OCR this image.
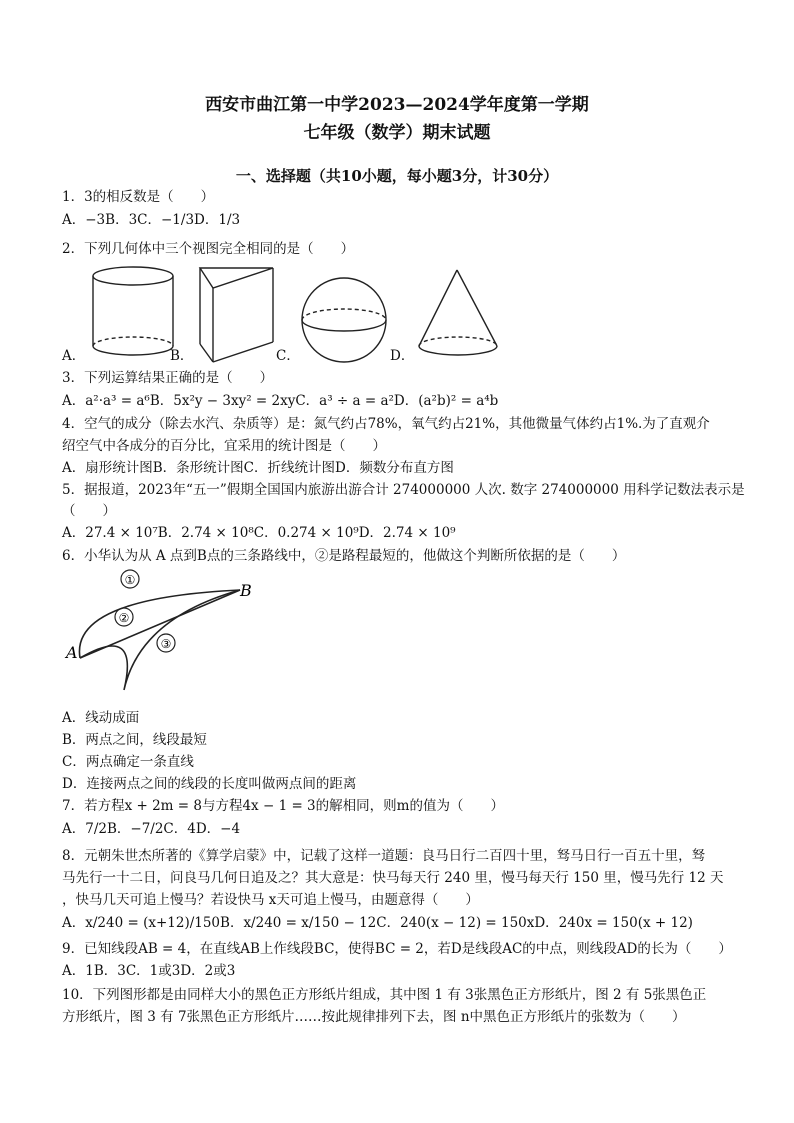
西安市曲江第一中学2023—2024学年度第一学期
七年级（数学）期末试题
一、选择题（共10小题，每小题3分，计30分）
1．3的相反数是（　　）
A．−3B．3C．−1/3D．1/3
2．下列几何体中三个视图完全相同的是（　　）
A．	B．	C．	D．
3．下列运算结果正确的是（　　）
A．a²·a³ = a⁶B．5x²y − 3xy² = 2xyC．a³ ÷ a = a²D．(a²b)² = a⁴b
4．空气的成分（除去水汽、杂质等）是：氮气约占78%，氧气约占21%，其他微量气体约占1%.为了直观介
绍空气中各成分的百分比，宜采用的统计图是（　　）
A．扇形统计图B．条形统计图C．折线统计图D．频数分布直方图
5．据报道，2023年“五一”假期全国国内旅游出游合计 274000000 人次. 数字 274000000 用科学记数法表示是
（　　）
A．27.4 × 10⁷B．2.74 × 10⁸C．0.274 × 10⁹D．2.74 × 10⁹
6．小华认为从 A 点到B点的三条路线中，②是路程最短的，他做这个判断所依据的是（　　）
①
②
③
A
B
A．线动成面
B．两点之间，线段最短
C．两点确定一条直线
D．连接两点之间的线段的长度叫做两点间的距离
7．若方程x + 2m = 8与方程4x − 1 = 3的解相同，则m的值为（　　）
A．7/2B．−7/2C．4D．−4
8．元朝朱世杰所著的《算学启蒙》中，记载了这样一道题：良马日行二百四十里，驽马日行一百五十里，驽
马先行一十二日，问良马几何日追及之？其大意是：快马每天行 240 里，慢马每天行 150 里，慢马先行 12 天
，快马几天可追上慢马？若设快马 x天可追上慢马，由题意得（　　）
A．x/240 = (x+12)/150B．x/240 = x/150 − 12C．240(x − 12) = 150xD．240x = 150(x + 12)
9．已知线段AB = 4，在直线AB上作线段BC，使得BC = 2，若D是线段AC的中点，则线段AD的长为（　　）
A．1B．3C．1或3D．2或3
10．下列图形都是由同样大小的黑色正方形纸片组成，其中图 1 有 3张黑色正方形纸片，图 2 有 5张黑色正
方形纸片，图 3 有 7张黑色正方形纸片……按此规律排列下去，图 n中黑色正方形纸片的张数为（　　）
